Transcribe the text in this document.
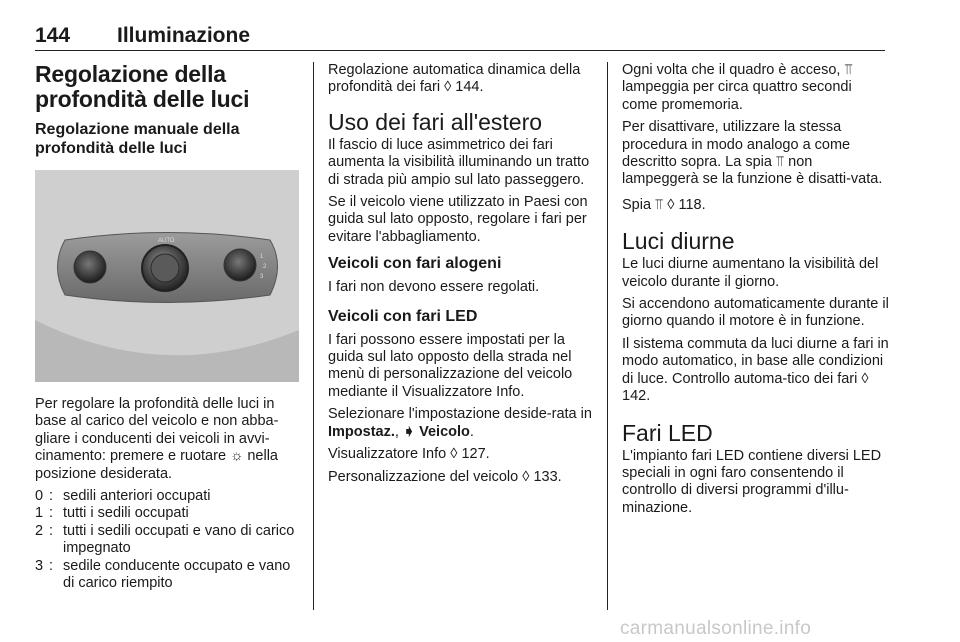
144 Illuminazione
Regolazione della profondità delle luci
Regolazione manuale della profondità delle luci
AUTO
1
2
3

Per regolare la profondità delle luci in base al carico del veicolo e non abba-gliare i conducenti dei veicoli in avvi-cinamento: premere e ruotare ☼ nella posizione desiderata.

0 : sedili anteriori occupati
1 : tutti i sedili occupati
2 : tutti i sedili occupati e vano di carico impegnato
3 : sedile conducente occupato e vano di carico riempito

Regolazione automatica dinamica della profondità dei fari ◊ 144.

Uso dei fari all'estero

Il fascio di luce asimmetrico dei fari aumenta la visibilità illuminando un tratto di strada più ampio sul lato passeggero.

Se il veicolo viene utilizzato in Paesi con guida sul lato opposto, regolare i fari per evitare l'abbagliamento.

Veicoli con fari alogeni

I fari non devono essere regolati.

Veicoli con fari LED

I fari possono essere impostati per la guida sul lato opposto della strada nel menù di personalizzazione del veicolo mediante il Visualizzatore Info.

Selezionare l'impostazione deside-rata in Impostaz., ➧ Veicolo.

Visualizzatore Info ◊ 127.

Personalizzazione del veicolo ◊ 133.

Ogni volta che il quadro è acceso, ⫪ lampeggia per circa quattro secondi come promemoria.

Per disattivare, utilizzare la stessa procedura in modo analogo a come descritto sopra. La spia ⫪ non lampeggerà se la funzione è disatti-vata.

Spia ⫪ ◊ 118.

Luci diurne

Le luci diurne aumentano la visibilità del veicolo durante il giorno.

Si accendono automaticamente durante il giorno quando il motore è in funzione.

Il sistema commuta da luci diurne a fari in modo automatico, in base alle condizioni di luce. Controllo automa-tico dei fari ◊ 142.

Fari LED

L'impianto fari LED contiene diversi LED speciali in ogni faro consentendo il controllo di diversi programmi d'illu-minazione.

carmanualsonline.info
